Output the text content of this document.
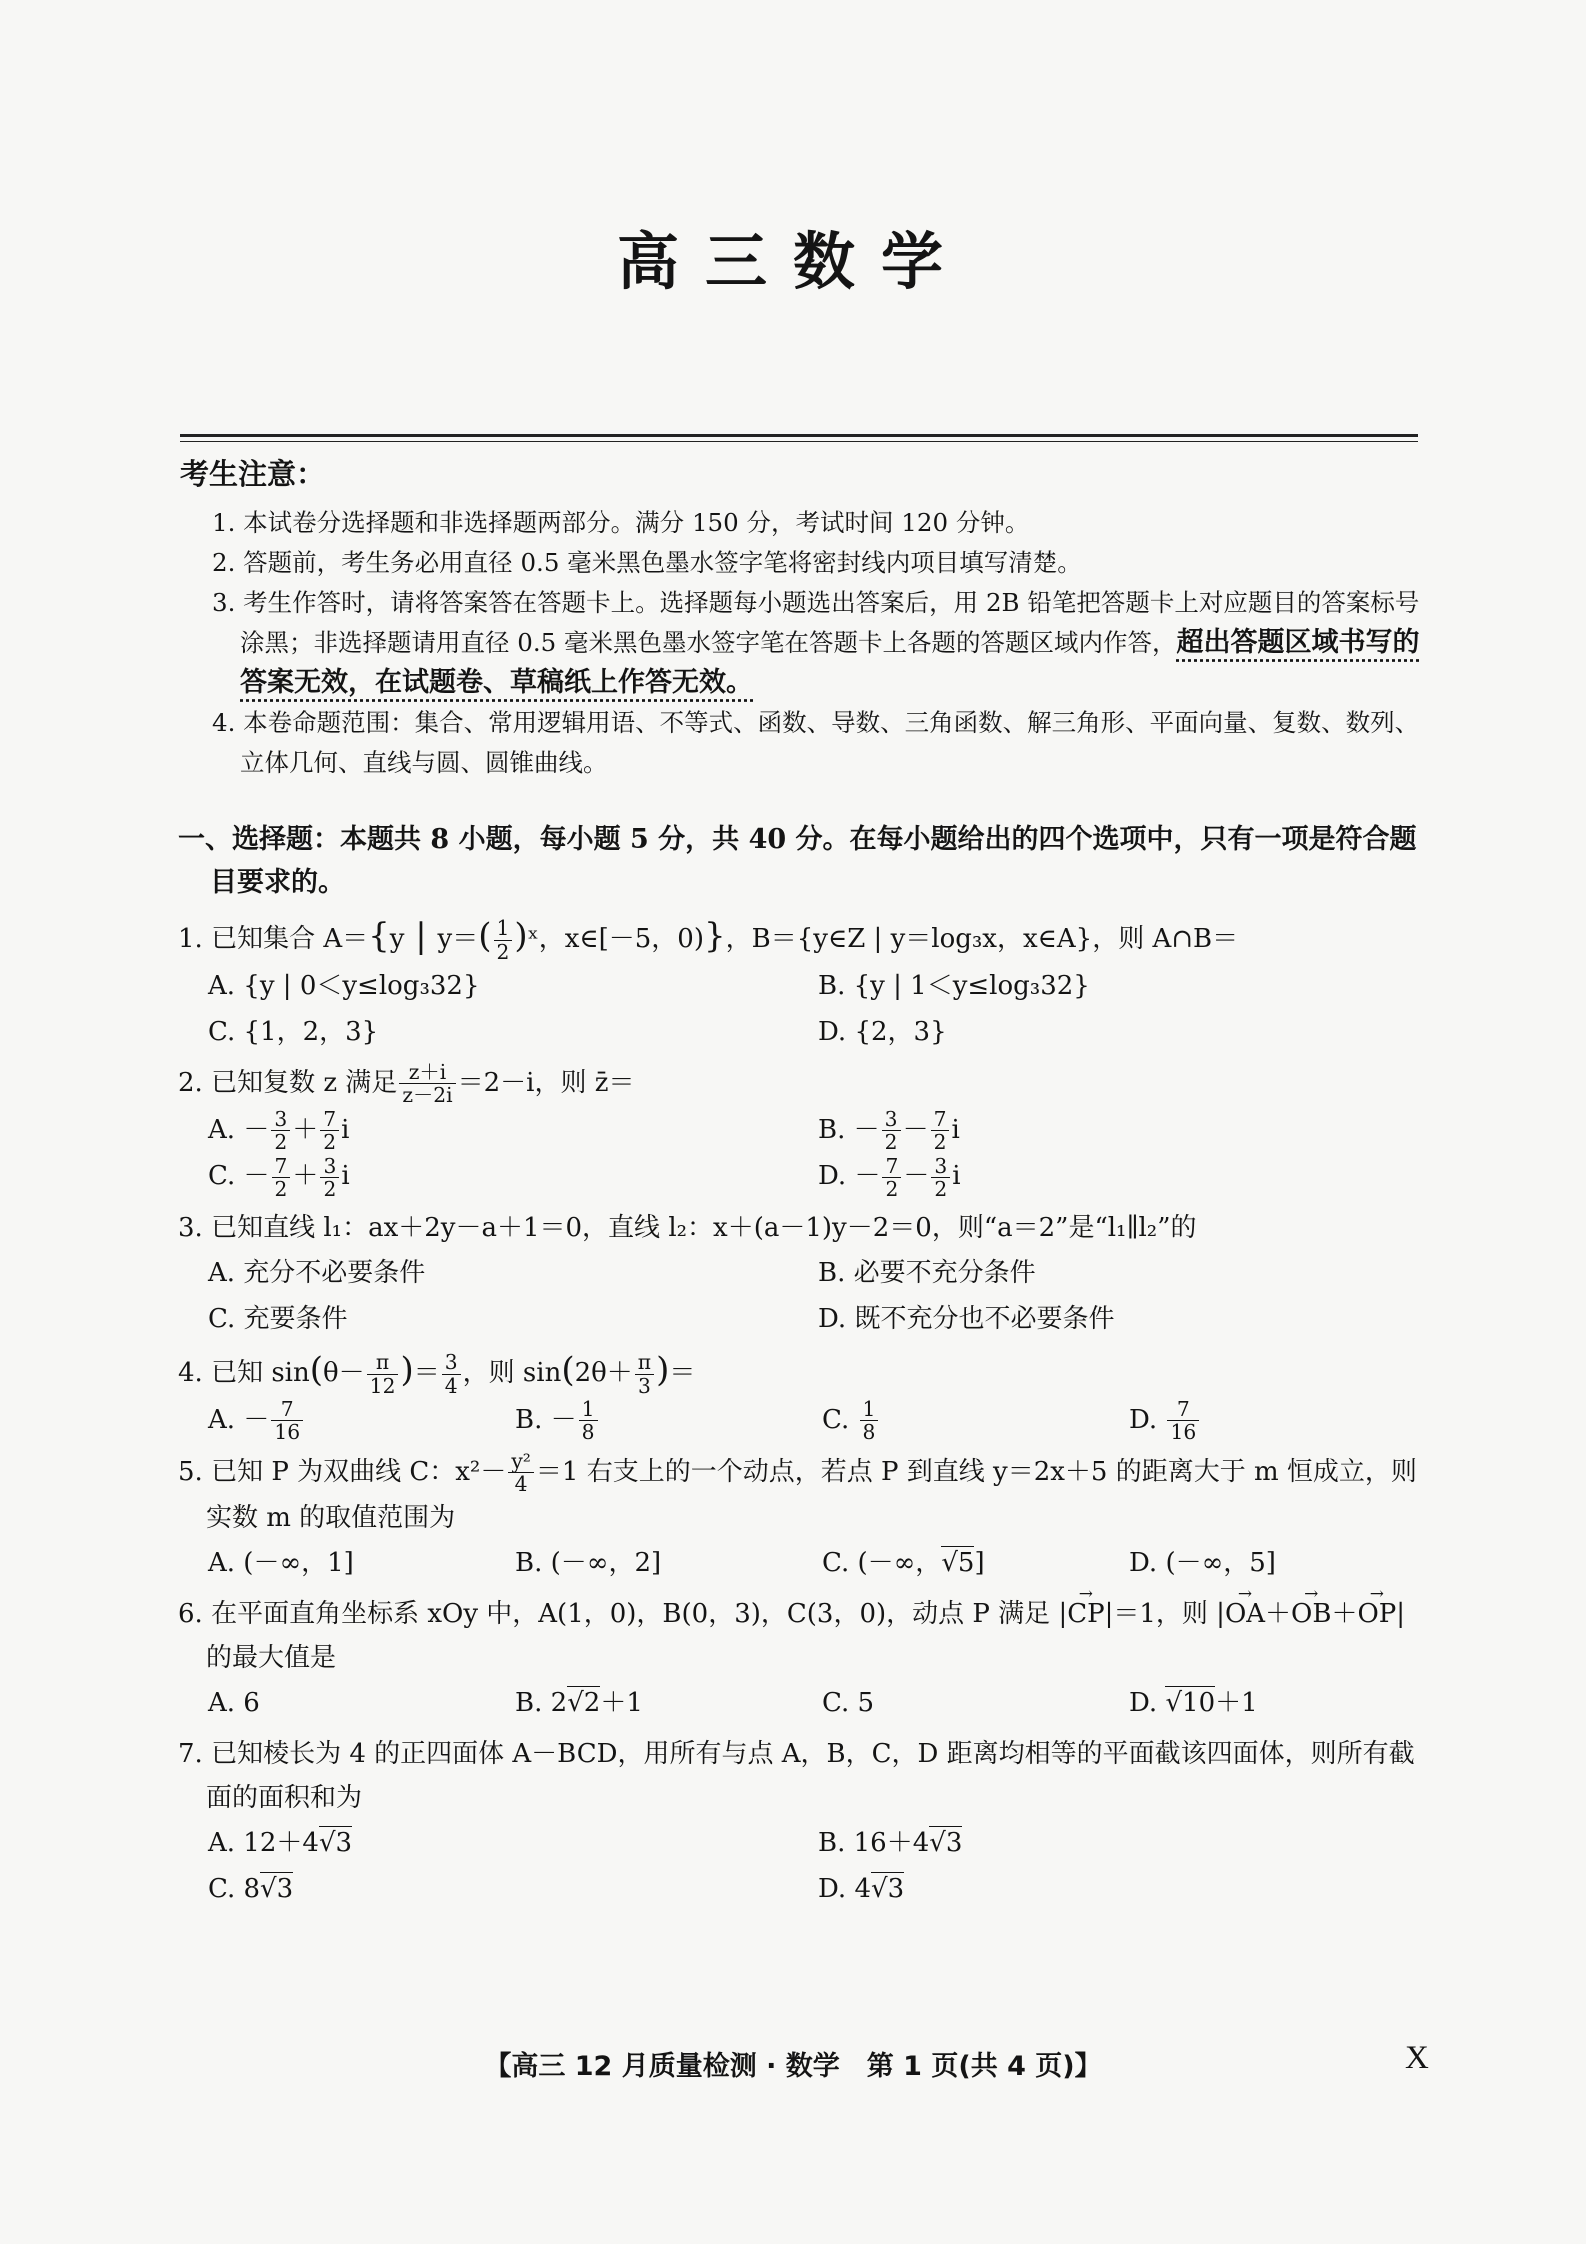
高三数学
考生注意：
1. 本试卷分选择题和非选择题两部分。满分 150 分，考试时间 120 分钟。
2. 答题前，考生务必用直径 0.5 毫米黑色墨水签字笔将密封线内项目填写清楚。
3. 考生作答时，请将答案答在答题卡上。选择题每小题选出答案后，用 2B 铅笔把答题卡上对应题目的答案标号涂黑；非选择题请用直径 0.5 毫米黑色墨水签字笔在答题卡上各题的答题区域内作答，超出答题区域书写的答案无效，在试题卷、草稿纸上作答无效。
4. 本卷命题范围：集合、常用逻辑用语、不等式、函数、导数、三角函数、解三角形、平面向量、复数、数列、立体几何、直线与圆、圆锥曲线。
一、选择题：本题共 8 小题，每小题 5 分，共 40 分。在每小题给出的四个选项中，只有一项是符合题目要求的。
1. 已知集合 A＝{y | $y=( \frac{1}{2}$ )ˣ，x∈[－5，0)}，B＝{y∈Z | y＝log₃x，x∈A}，则 A∩B＝
A. {y | 0＜y≤log₃32}	B. {y | 1＜y≤log₃32}
C. {1，2，3}	D. {2，3}
2. 已知复数 z 满足 $\frac{z+i}{z-2i} =2-i$，则 z̄＝
A. － $\frac{3}{2} + \frac{7}{2}$ i	B. － $\frac{3}{2} - \frac{7}{2}$ i
C. － $\frac{7}{2} + \frac{3}{2}$ i	D. － $\frac{7}{2} - \frac{3}{2}$ i
3. 已知直线 l₁：ax＋2y－a＋1＝0，直线 l₂：x＋(a－1)y－2＝0，则“a＝2”是“l₁∥l₂”的
A. 充分不必要条件	B. 必要不充分条件
C. 充要条件	D. 既不充分也不必要条件
4. 已知 $\sin(\theta- \frac{\pi}{12}$ )＝ $\frac{3}{4}$ ，则 $\sin(2\theta+ \frac{\pi}{3}$ )＝
A. － $\frac{7}{16}$	B. － $\frac{1}{8}$	C. $\frac{1}{8}$	D. $\frac{7}{16}$
5. 已知 P 为双曲线 C：$x^2- \frac{\text{y²}}{4} =1$ 右支上的一个动点，若点 P 到直线 y＝2x＋5 的距离大于 m 恒成立，则实数 m 的取值范围为
A. (－∞，1]	B. (－∞，2]	C. (－∞， √ 5]	D. (－∞，5]
6. 在平面直角坐标系 xOy 中，A(1，0)，B(0，3)，C(3，0)，动点 P 满足 |CP →|＝1，则 |OA →＋OB →＋OP →| 的最大值是
A. 6	B. 2 √ 2＋1	C. 5	D. √ 10＋1
7. 已知棱长为 4 的正四面体 A－BCD，用所有与点 A，B，C，D 距离均相等的平面截该四面体，则所有截面的面积和为
A. 12＋4 √ 3	B. 16＋4 √ 3
C. 8 √ 3	D. 4 √ 3
【高三 12 月质量检测 · 数学　第 1 页(共 4 页)】	X
